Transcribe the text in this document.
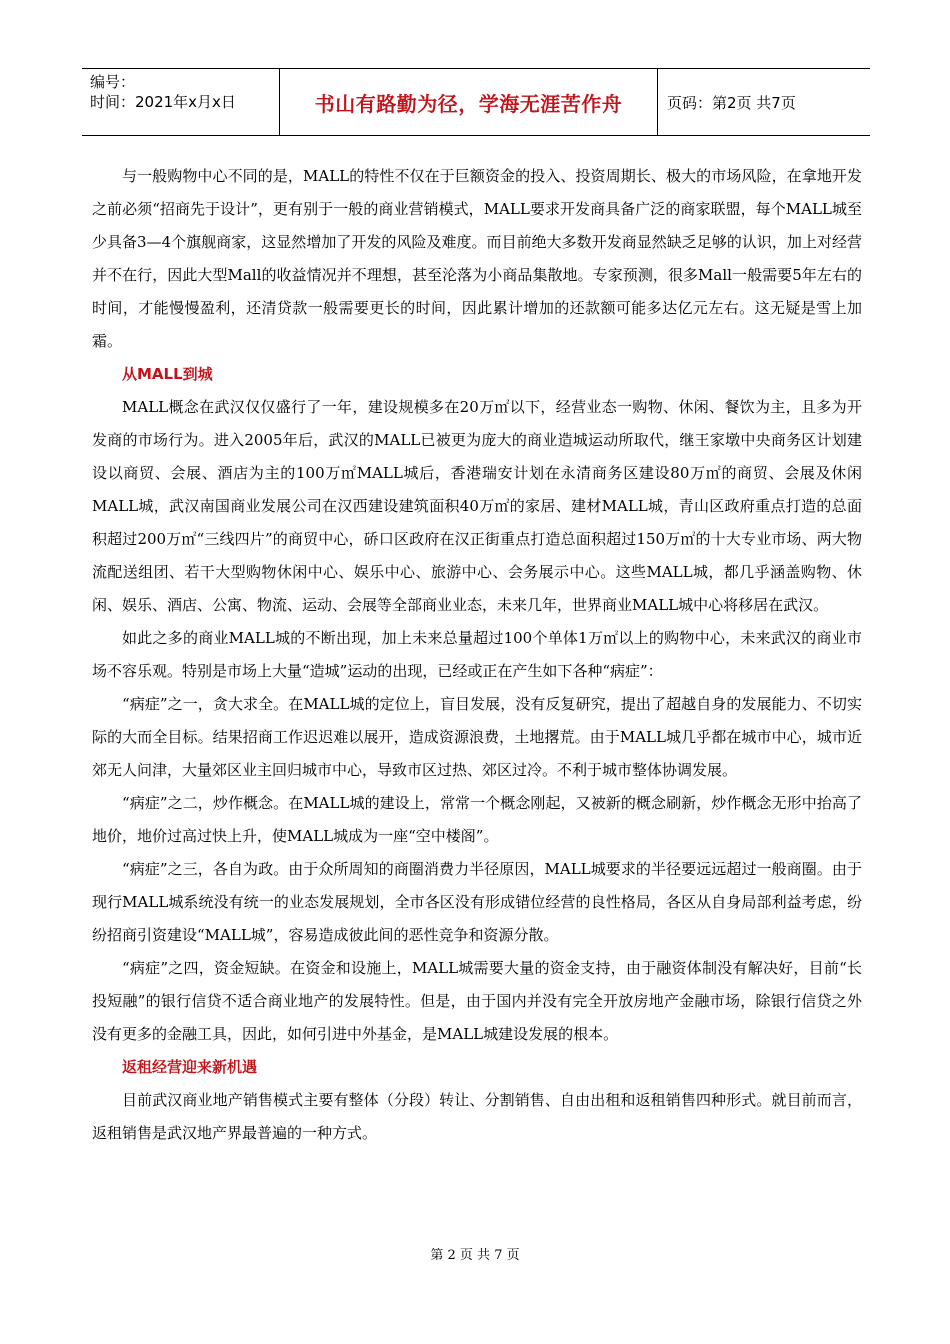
编号：
时间：2021年x月x日	书山有路勤为径，学海无涯苦作舟	页码：第2页 共7页

与一般购物中心不同的是，MALL的特性不仅在于巨额资金的投入、投资周期长、极大的市场风险，在拿地开发之前必须“招商先于设计”，更有别于一般的商业营销模式，MALL要求开发商具备广泛的商家联盟，每个MALL城至少具备3—4个旗舰商家，这显然增加了开发的风险及难度。而目前绝大多数开发商显然缺乏足够的认识，加上对经营并不在行，因此大型Mall的收益情况并不理想，甚至沦落为小商品集散地。专家预测，很多Mall一般需要5年左右的时间，才能慢慢盈利，还清贷款一般需要更长的时间，因此累计增加的还款额可能多达亿元左右。这无疑是雪上加霜。

从MALL到城

MALL概念在武汉仅仅盛行了一年，建设规模多在20万㎡以下，经营业态一购物、休闲、餐饮为主，且多为开发商的市场行为。进入2005年后，武汉的MALL已被更为庞大的商业造城运动所取代，继王家墩中央商务区计划建设以商贸、会展、酒店为主的100万㎡MALL城后，香港瑞安计划在永清商务区建设80万㎡的商贸、会展及休闲MALL城，武汉南国商业发展公司在汉西建设建筑面积40万㎡的家居、建材MALL城，青山区政府重点打造的总面积超过200万㎡“三线四片”的商贸中心，硚口区政府在汉正街重点打造总面积超过150万㎡的十大专业市场、两大物流配送组团、若干大型购物休闲中心、娱乐中心、旅游中心、会务展示中心。这些MALL城，都几乎涵盖购物、休闲、娱乐、酒店、公寓、物流、运动、会展等全部商业业态，未来几年，世界商业MALL城中心将移居在武汉。

如此之多的商业MALL城的不断出现，加上未来总量超过100个单体1万㎡以上的购物中心，未来武汉的商业市场不容乐观。特别是市场上大量“造城”运动的出现，已经或正在产生如下各种“病症”：

“病症”之一，贪大求全。在MALL城的定位上，盲目发展，没有反复研究，提出了超越自身的发展能力、不切实际的大而全目标。结果招商工作迟迟难以展开，造成资源浪费，土地撂荒。由于MALL城几乎都在城市中心，城市近郊无人问津，大量郊区业主回归城市中心，导致市区过热、郊区过冷。不利于城市整体协调发展。

“病症”之二，炒作概念。在MALL城的建设上，常常一个概念刚起，又被新的概念刷新，炒作概念无形中抬高了地价，地价过高过快上升，使MALL城成为一座“空中楼阁”。

“病症”之三，各自为政。由于众所周知的商圈消费力半径原因，MALL城要求的半径要远远超过一般商圈。由于现行MALL城系统没有统一的业态发展规划，全市各区没有形成错位经营的良性格局，各区从自身局部利益考虑，纷纷招商引资建设“MALL城”，容易造成彼此间的恶性竞争和资源分散。

“病症”之四，资金短缺。在资金和设施上，MALL城需要大量的资金支持，由于融资体制没有解决好，目前“长投短融”的银行信贷不适合商业地产的发展特性。但是，由于国内并没有完全开放房地产金融市场，除银行信贷之外没有更多的金融工具，因此，如何引进中外基金，是MALL城建设发展的根本。

返租经营迎来新机遇

目前武汉商业地产销售模式主要有整体（分段）转让、分割销售、自由出租和返租销售四种形式。就目前而言，返租销售是武汉地产界最普遍的一种方式。

第 2 页 共 7 页
